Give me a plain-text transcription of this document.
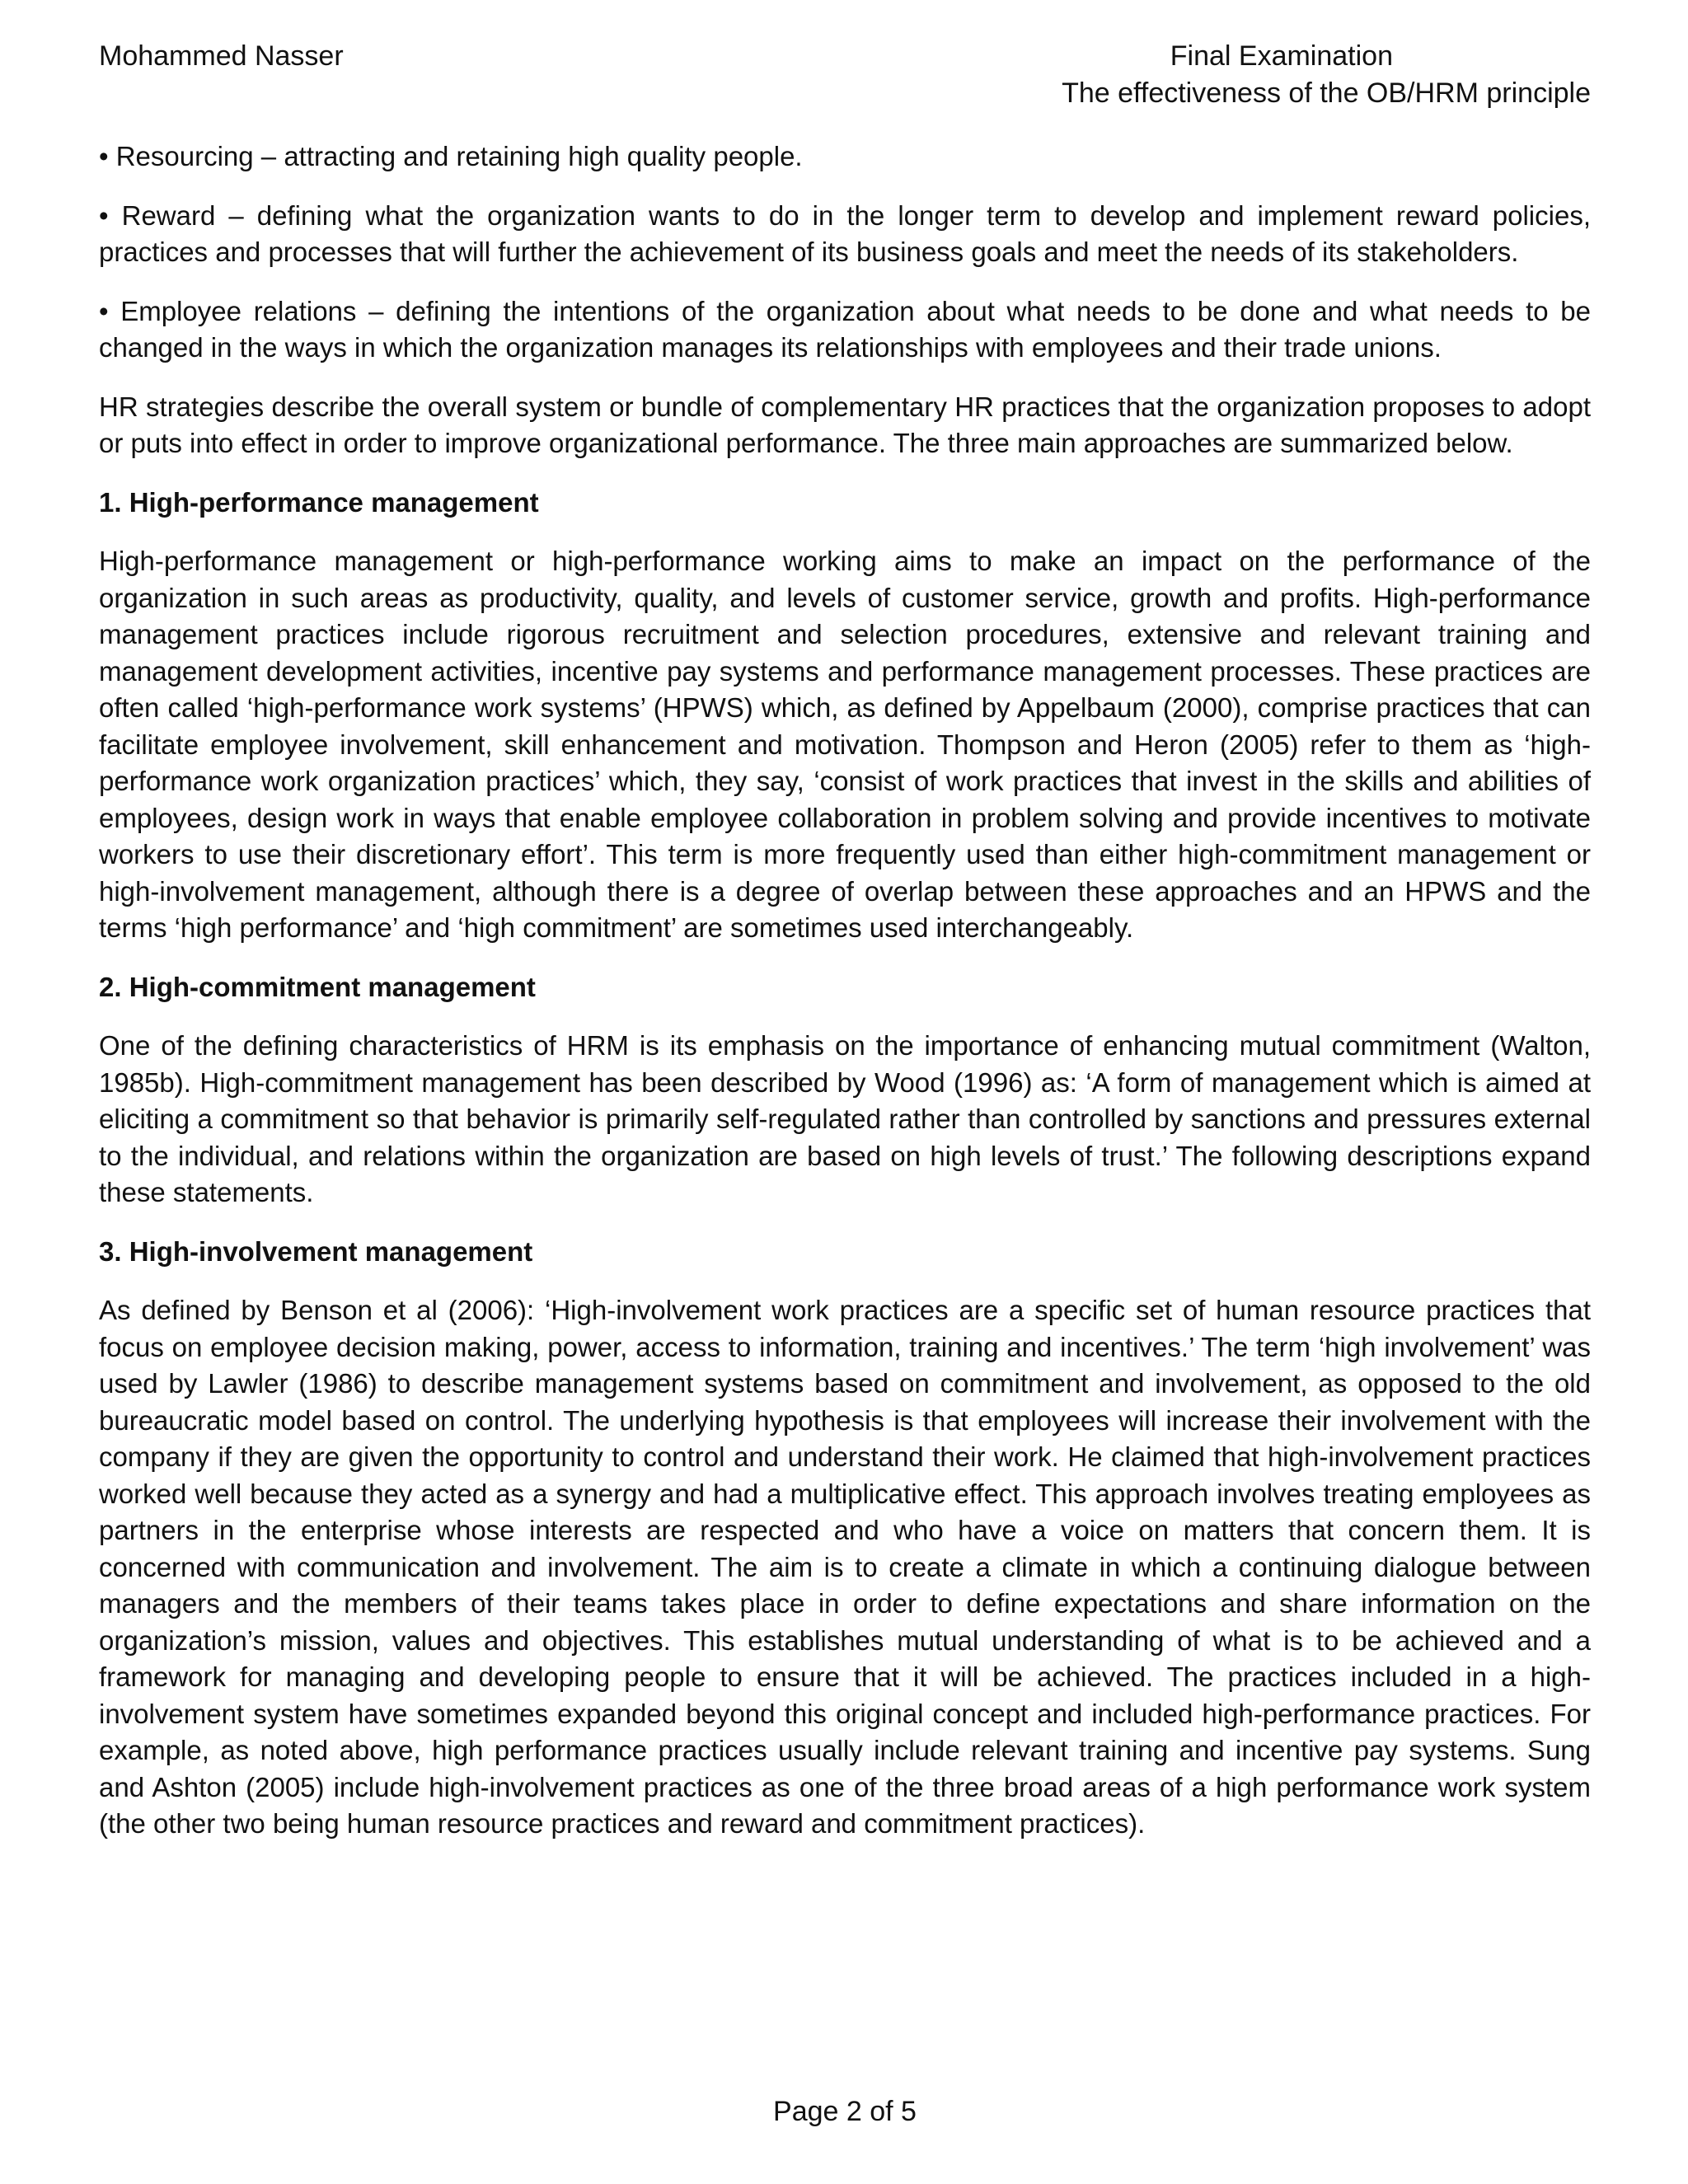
Mohammed Nasser	Final Examination
The effectiveness of the OB/HRM principle

• Resourcing – attracting and retaining high quality people.

• Reward – defining what the organization wants to do in the longer term to develop and implement reward policies, practices and processes that will further the achievement of its business goals and meet the needs of its stakeholders.

• Employee relations – defining the intentions of the organization about what needs to be done and what needs to be changed in the ways in which the organization manages its relationships with employees and their trade unions.

HR strategies describe the overall system or bundle of complementary HR practices that the organization proposes to adopt or puts into effect in order to improve organizational performance. The three main approaches are summarized below.

1. High-performance management

High-performance management or high-performance working aims to make an impact on the performance of the organization in such areas as productivity, quality, and levels of customer service, growth and profits. High-performance management practices include rigorous recruitment and selection procedures, extensive and relevant training and management development activities, incentive pay systems and performance management processes. These practices are often called ‘high-performance work systems’ (HPWS) which, as defined by Appelbaum (2000), comprise practices that can facilitate employee involvement, skill enhancement and motivation. Thompson and Heron (2005) refer to them as ‘high-performance work organization practices’ which, they say, ‘consist of work practices that invest in the skills and abilities of employees, design work in ways that enable employee collaboration in problem solving and provide incentives to motivate workers to use their discretionary effort’. This term is more frequently used than either high-commitment management or high-involvement management, although there is a degree of overlap between these approaches and an HPWS and the terms ‘high performance’ and ‘high commitment’ are sometimes used interchangeably.

2. High-commitment management

One of the defining characteristics of HRM is its emphasis on the importance of enhancing mutual commitment (Walton, 1985b). High-commitment management has been described by Wood (1996) as: ‘A form of management which is aimed at eliciting a commitment so that behavior is primarily self-regulated rather than controlled by sanctions and pressures external to the individual, and relations within the organization are based on high levels of trust.’ The following descriptions expand these statements.

3. High-involvement management

As defined by Benson et al (2006): ‘High-involvement work practices are a specific set of human resource practices that focus on employee decision making, power, access to information, training and incentives.’ The term ‘high involvement’ was used by Lawler (1986) to describe management systems based on commitment and involvement, as opposed to the old bureaucratic model based on control. The underlying hypothesis is that employees will increase their involvement with the company if they are given the opportunity to control and understand their work. He claimed that high-involvement practices worked well because they acted as a synergy and had a multiplicative effect. This approach involves treating employees as partners in the enterprise whose interests are respected and who have a voice on matters that concern them. It is concerned with communication and involvement. The aim is to create a climate in which a continuing dialogue between managers and the members of their teams takes place in order to define expectations and share information on the organization’s mission, values and objectives. This establishes mutual understanding of what is to be achieved and a framework for managing and developing people to ensure that it will be achieved. The practices included in a high-involvement system have sometimes expanded beyond this original concept and included high-performance practices. For example, as noted above, high performance practices usually include relevant training and incentive pay systems. Sung and Ashton (2005) include high-involvement practices as one of the three broad areas of a high performance work system (the other two being human resource practices and reward and commitment practices).

Page 2 of 5
